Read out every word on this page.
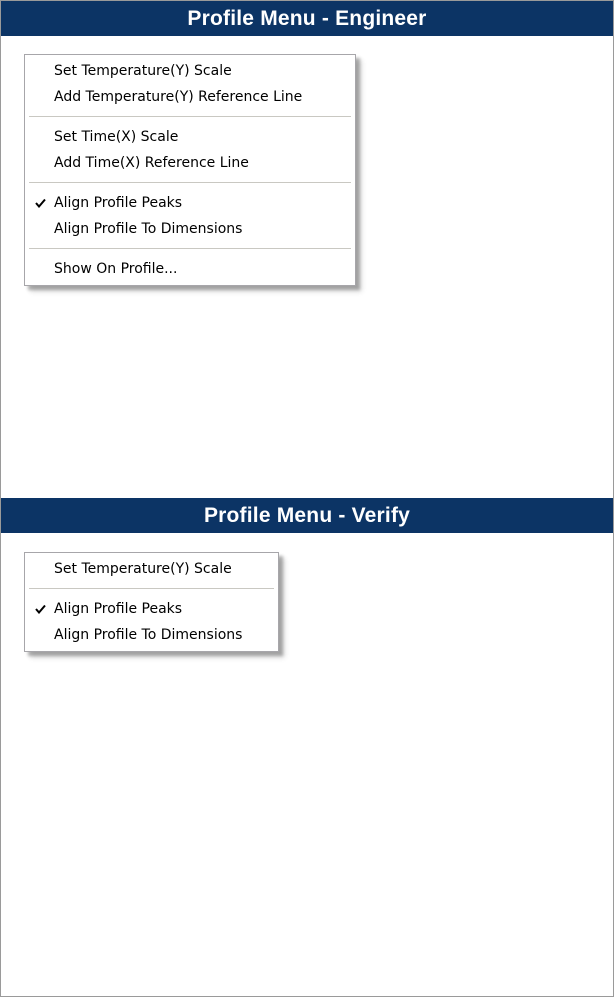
Profile Menu - Engineer
Set Temperature(Y) Scale
Add Temperature(Y) Reference Line
Set Time(X) Scale
Add Time(X) Reference Line
Align Profile Peaks
Align Profile To Dimensions
Show On Profile...
Profile Menu - Verify
Set Temperature(Y) Scale
Align Profile Peaks
Align Profile To Dimensions
